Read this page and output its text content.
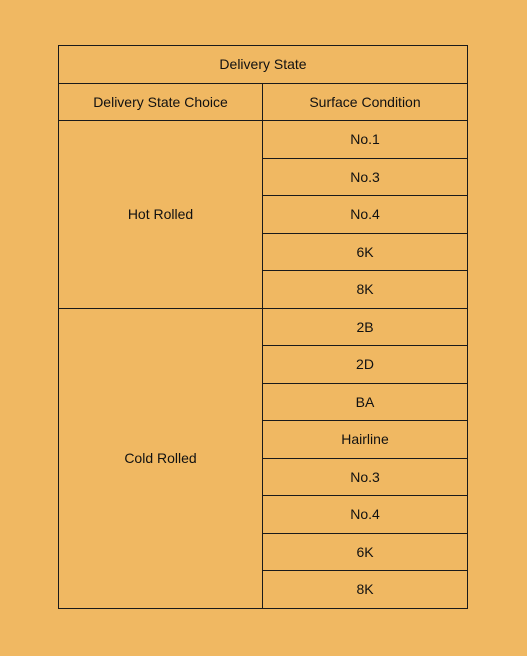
Delivery State	
Delivery State Choice	Surface Condition
Hot Rolled	No.1
	No.3
	No.4
	6K
	8K
Cold Rolled	2B
	2D
	BA
	Hairline
	No.3
	No.4
	6K
	8K
